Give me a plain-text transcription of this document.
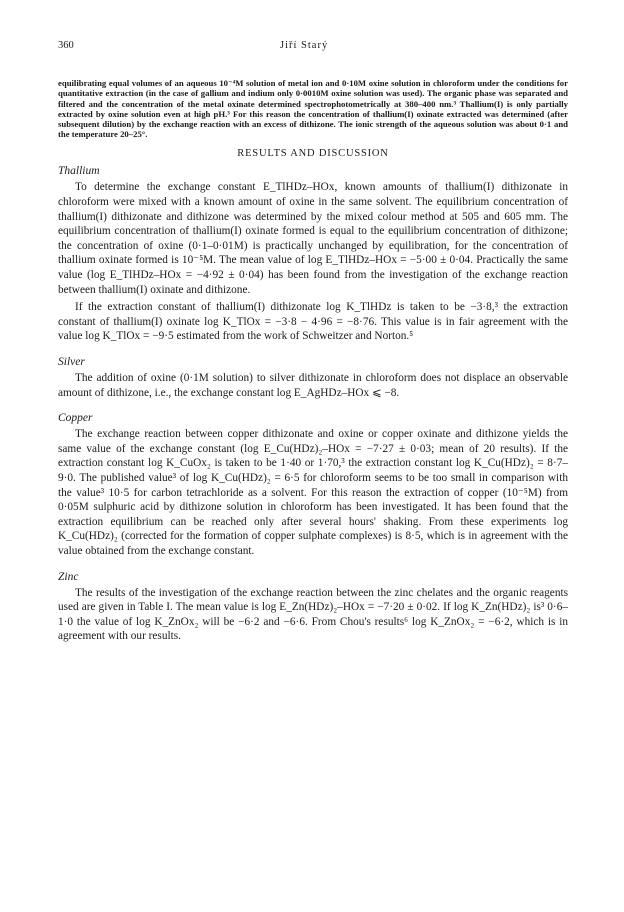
360	Jiří Starý

equilibrating equal volumes of an aqueous 10⁻⁴M solution of metal ion and 0·10M oxine solution in chloroform under the conditions for quantitative extraction (in the case of gallium and indium only 0·0010M oxine solution was used). The organic phase was separated and filtered and the concentration of the metal oxinate determined spectrophotometrically at 380–400 nm.³ Thallium(I) is only partially extracted by oxine solution even at high pH.³ For this reason the concentration of thallium(I) oxinate extracted was determined (after subsequent dilution) by the exchange reaction with an excess of dithizone. The ionic strength of the aqueous solution was about 0·1 and the temperature 20–25°.

RESULTS AND DISCUSSION
Thallium

To determine the exchange constant E_TlHDz–HOx, known amounts of thallium(I) dithizonate in chloroform were mixed with a known amount of oxine in the same solvent. The equilibrium concentration of thallium(I) dithizonate and dithizone was determined by the mixed colour method at 505 and 605 mm. The equilibrium concentration of thallium(I) oxinate formed is equal to the equilibrium concentration of dithizone; the concentration of oxine (0·1–0·01M) is practically unchanged by equilibration, for the concentration of thallium oxinate formed is 10⁻⁵M. The mean value of log E_TlHDz–HOx = −5·00 ± 0·04. Practically the same value (log E_TlHDz–HOx = −4·92 ± 0·04) has been found from the investigation of the exchange reaction between thallium(I) oxinate and dithizone.

If the extraction constant of thallium(I) dithizonate log K_TlHDz is taken to be −3·8,³ the extraction constant of thallium(I) oxinate log K_TlOx = −3·8 − 4·96 = −8·76. This value is in fair agreement with the value log K_TlOx = −9·5 estimated from the work of Schweitzer and Norton.⁵

Silver

The addition of oxine (0·1M solution) to silver dithizonate in chloroform does not displace an observable amount of dithizone, i.e., the exchange constant log E_AgHDz–HOx ⩽ −8.

Copper

The exchange reaction between copper dithizonate and oxine or copper oxinate and dithizone yields the same value of the exchange constant (log E_Cu(HDz)₂–HOx = −7·27 ± 0·03; mean of 20 results). If the extraction constant log K_CuOx₂ is taken to be 1·40 or 1·70,³ the extraction constant log K_Cu(HDz)₂ = 8·7–9·0. The published value³ of log K_Cu(HDz)₂ = 6·5 for chloroform seems to be too small in comparison with the value³ 10·5 for carbon tetrachloride as a solvent. For this reason the extraction of copper (10⁻⁵M) from 0·05M sulphuric acid by dithizone solution in chloroform has been investigated. It has been found that the extraction equilibrium can be reached only after several hours' shaking. From these experiments log K_Cu(HDz)₂ (corrected for the formation of copper sulphate complexes) is 8·5, which is in agreement with the value obtained from the exchange constant.

Zinc

The results of the investigation of the exchange reaction between the zinc chelates and the organic reagents used are given in Table I. The mean value is log E_Zn(HDz)₂–HOx = −7·20 ± 0·02. If log K_Zn(HDz)₂ is³ 0·6–1·0 the value of log K_ZnOx₂ will be −6·2 and −6·6. From Chou's results⁶ log K_ZnOx₂ = −6·2, which is in agreement with our results.
